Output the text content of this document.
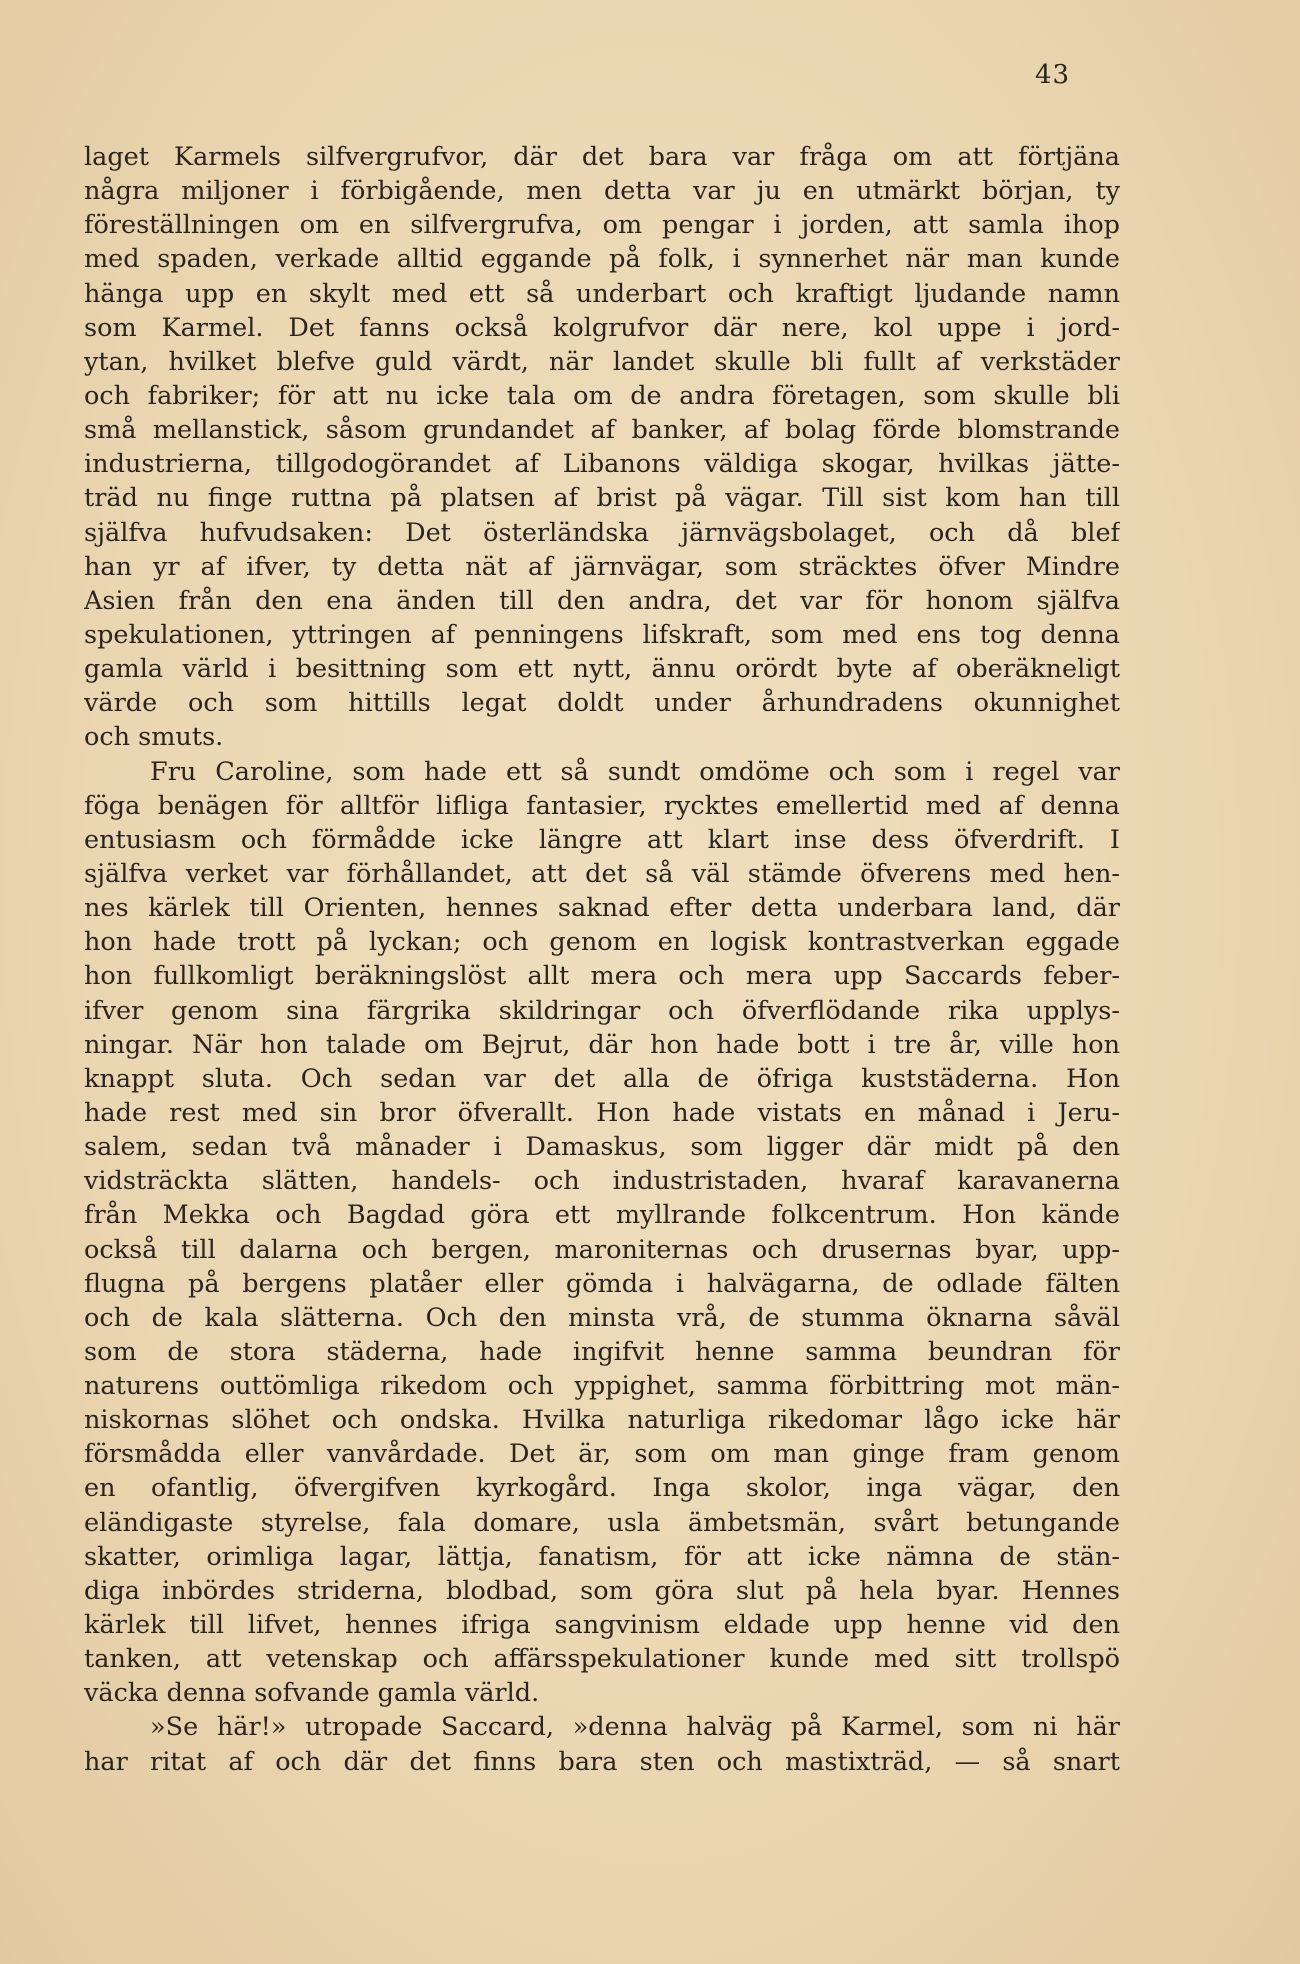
43
laget Karmels silfvergrufvor, där det bara var fråga om att förtjäna
några miljoner i förbigående, men detta var ju en utmärkt början, ty
föreställningen om en silfvergrufva, om pengar i jorden, att samla ihop
med spaden, verkade alltid eggande på folk, i synnerhet när man kunde
hänga upp en skylt med ett så underbart och kraftigt ljudande namn
som Karmel. Det fanns också kolgrufvor där nere, kol uppe i jord-
ytan, hvilket blefve guld värdt, när landet skulle bli fullt af verkstäder
och fabriker; för att nu icke tala om de andra företagen, som skulle bli
små mellanstick, såsom grundandet af banker, af bolag förde blomstrande
industrierna, tillgodogörandet af Libanons väldiga skogar, hvilkas jätte-
träd nu finge ruttna på platsen af brist på vägar. Till sist kom han till
själfva hufvudsaken: Det österländska järnvägsbolaget, och då blef
han yr af ifver, ty detta nät af järnvägar, som sträcktes öfver Mindre
Asien från den ena änden till den andra, det var för honom själfva
spekulationen, yttringen af penningens lifskraft, som med ens tog denna
gamla värld i besittning som ett nytt, ännu orördt byte af oberäkneligt
värde och som hittills legat doldt under århundradens okunnighet
och smuts.
Fru Caroline, som hade ett så sundt omdöme och som i regel var
föga benägen för alltför lifliga fantasier, rycktes emellertid med af denna
entusiasm och förmådde icke längre att klart inse dess öfverdrift. I
själfva verket var förhållandet, att det så väl stämde öfverens med hen-
nes kärlek till Orienten, hennes saknad efter detta underbara land, där
hon hade trott på lyckan; och genom en logisk kontrastverkan eggade
hon fullkomligt beräkningslöst allt mera och mera upp Saccards feber-
ifver genom sina färgrika skildringar och öfverflödande rika upplys-
ningar. När hon talade om Bejrut, där hon hade bott i tre år, ville hon
knappt sluta. Och sedan var det alla de öfriga kuststäderna. Hon
hade rest med sin bror öfverallt. Hon hade vistats en månad i Jeru-
salem, sedan två månader i Damaskus, som ligger där midt på den
vidsträckta slätten, handels- och industristaden, hvaraf karavanerna
från Mekka och Bagdad göra ett myllrande folkcentrum. Hon kände
också till dalarna och bergen, maroniternas och drusernas byar, upp-
flugna på bergens platåer eller gömda i halvägarna, de odlade fälten
och de kala slätterna. Och den minsta vrå, de stumma öknarna såväl
som de stora städerna, hade ingifvit henne samma beundran för
naturens outtömliga rikedom och yppighet, samma förbittring mot män-
niskornas slöhet och ondska. Hvilka naturliga rikedomar lågo icke här
försmådda eller vanvårdade. Det är, som om man ginge fram genom
en ofantlig, öfvergifven kyrkogård. Inga skolor, inga vägar, den
eländigaste styrelse, fala domare, usla ämbetsmän, svårt betungande
skatter, orimliga lagar, lättja, fanatism, för att icke nämna de stän-
diga inbördes striderna, blodbad, som göra slut på hela byar. Hennes
kärlek till lifvet, hennes ifriga sangvinism eldade upp henne vid den
tanken, att vetenskap och affärsspekulationer kunde med sitt trollspö
väcka denna sofvande gamla värld.
»Se här!» utropade Saccard, »denna halväg på Karmel, som ni här
har ritat af och där det finns bara sten och mastixträd, — så snart
